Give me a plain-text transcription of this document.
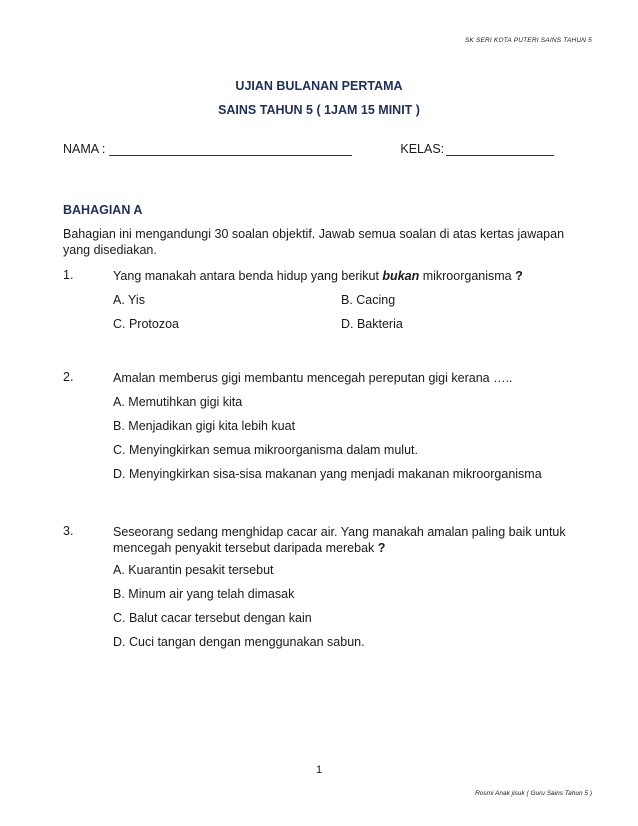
SK SERI KOTA PUTERI SAINS TAHUN 5
UJIAN BULANAN PERTAMA
SAINS TAHUN 5 ( 1JAM 15 MINIT )
NAMA :	KELAS:
BAHAGIAN A
Bahagian ini mengandungi 30 soalan objektif. Jawab semua soalan di atas kertas jawapan yang disediakan.
1.	Yang manakah antara benda hidup yang berikut bukan mikroorganisma ?
A. Yis	B. Cacing
C. Protozoa	D. Bakteria
2.	Amalan memberus gigi membantu mencegah pereputan gigi kerana …..
A. Memutihkan gigi kita
B. Menjadikan gigi kita lebih kuat
C. Menyingkirkan semua mikroorganisma dalam mulut.
D. Menyingkirkan sisa-sisa makanan yang menjadi makanan mikroorganisma
3.	Seseorang sedang menghidap cacar air. Yang manakah amalan paling baik untuk mencegah penyakit tersebut daripada merebak ?
A. Kuarantin pesakit tersebut
B. Minum air yang telah dimasak
C. Balut cacar tersebut dengan kain
D. Cuci tangan dengan menggunakan sabun.
1
Rosmi Anak jisuk ( Guru Sains Tahun 5 )
